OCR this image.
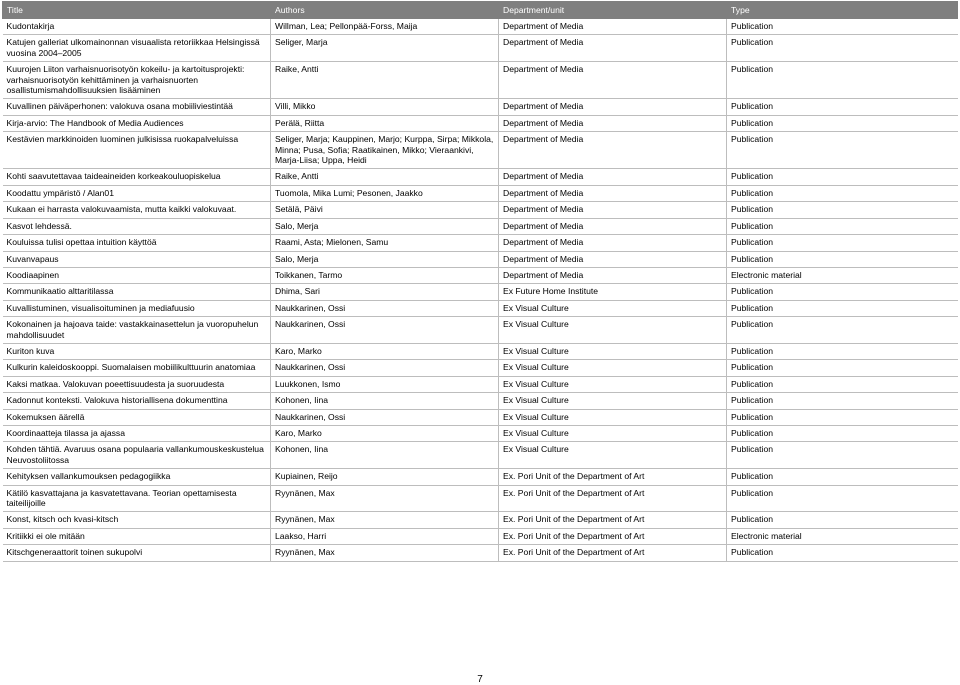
Title	Authors	Department/unit	Type
Kudontakirja	Willman, Lea; Pellonpää-Forss, Maija	Department of Media	Publication
Katujen galleriat ulkomainonnan visuaalista retoriikkaa Helsingissä vuosina 2004–2005	Seliger, Marja	Department of Media	Publication
Kuurojen Liiton varhaisnuorisotyön kokeilu- ja kartoitusprojekti: varhaisnuorisotyön kehittäminen ja varhaisnuorten osallistumismahdollisuuksien lisääminen	Raike, Antti	Department of Media	Publication
Kuvallinen päiväperhonen: valokuva osana mobiiliviestintää	Villi, Mikko	Department of Media	Publication
Kirja-arvio: The Handbook of Media Audiences	Perälä, Riitta	Department of Media	Publication
Kestävien markkinoiden luominen julkisissa ruokapalveluissa	Seliger, Marja; Kauppinen, Marjo; Kurppa, Sirpa; Mikkola, Minna; Pusa, Sofia; Raatikainen, Mikko; Vieraankivi, Marja-Liisa; Uppa, Heidi	Department of Media	Publication
Kohti saavutettavaa taideaineiden korkeakouluopiskelua	Raike, Antti	Department of Media	Publication
Koodattu ympäristö / Alan01	Tuomola, Mika Lumi; Pesonen, Jaakko	Department of Media	Publication
Kukaan ei harrasta valokuvaamista, mutta kaikki valokuvaat.	Setälä, Päivi	Department of Media	Publication
Kasvot lehdessä.	Salo, Merja	Department of Media	Publication
Kouluissa tulisi opettaa intuition käyttöä	Raami, Asta; Mielonen, Samu	Department of Media	Publication
Kuvanvapaus	Salo, Merja	Department of Media	Publication
Koodiaapinen	Toikkanen, Tarmo	Department of Media	Electronic material
Kommunikaatio alttaritilassa	Dhima, Sari	Ex Future Home Institute	Publication
Kuvallistuminen, visualisoituminen ja mediafuusio	Naukkarinen, Ossi	Ex Visual Culture	Publication
Kokonainen ja hajoava taide: vastakkainasettelun ja vuoropuhelun mahdollisuudet	Naukkarinen, Ossi	Ex Visual Culture	Publication
Kuriton kuva	Karo, Marko	Ex Visual Culture	Publication
Kulkurin kaleidoskooppi. Suomalaisen mobiilikulttuurin anatomiaa	Naukkarinen, Ossi	Ex Visual Culture	Publication
Kaksi matkaa. Valokuvan poeettisuudesta ja suoruudesta	Luukkonen, Ismo	Ex Visual Culture	Publication
Kadonnut konteksti. Valokuva historiallisena dokumenttina	Kohonen, Iina	Ex Visual Culture	Publication
Kokemuksen äärellä	Naukkarinen, Ossi	Ex Visual Culture	Publication
Koordinaatteja tilassa ja ajassa	Karo, Marko	Ex Visual Culture	Publication
Kohden tähtiä. Avaruus osana populaaria vallankumouskeskustelua Neuvostoliitossa	Kohonen, Iina	Ex Visual Culture	Publication
Kehityksen vallankumouksen pedagogiikka	Kupiainen, Reijo	Ex. Pori Unit of the Department of Art	Publication
Kätilö kasvattajana ja kasvatettavana. Teorian opettamisesta taiteilijoille	Ryynänen, Max	Ex. Pori Unit of the Department of Art	Publication
Konst, kitsch och kvasi-kitsch	Ryynänen, Max	Ex. Pori Unit of the Department of Art	Publication
Kritiikki ei ole mitään	Laakso, Harri	Ex. Pori Unit of the Department of Art	Electronic material
Kitschgeneraattorit toinen sukupolvi	Ryynänen, Max	Ex. Pori Unit of the Department of Art	Publication
7
